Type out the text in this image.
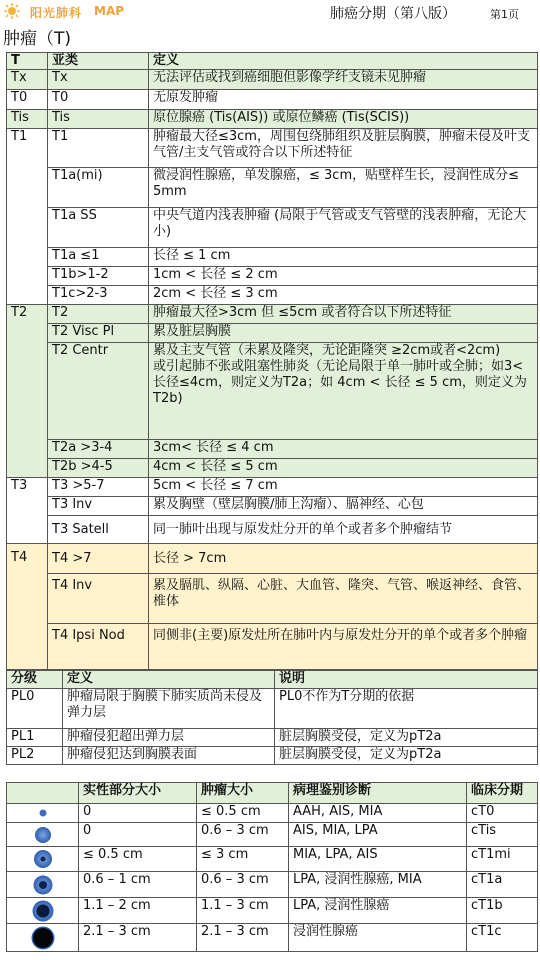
阳光肺科 MAP	肺癌分期（第八版）	第1页
肿瘤（T)
T	亚类	定义
Tx	Tx	无法评估或找到癌细胞但影像学纤支镜未见肿瘤
T0	T0	无原发肿瘤
Tis	Tis	原位腺癌 (Tis(AIS)) 或原位鳞癌 (Tis(SCIS))
T1	T1	肿瘤最大径≤3cm，周围包绕肺组织及脏层胸膜，肿瘤未侵及叶支气管/主支气管或符合以下所述特征
	T1a(mi)	微浸润性腺癌，单发腺癌，≤ 3cm，贴壁样生长，浸润性成分≤ 5mm
	T1a SS	中央气道内浅表肿瘤 (局限于气管或支气管壁的浅表肿瘤，无论大小)
	T1a ≤1	长径 ≤ 1 cm
	T1b>1-2	1cm < 长径 ≤ 2 cm
	T1c>2-3	2cm < 长径 ≤ 3 cm
T2	T2	肿瘤最大径>3cm 但 ≤5cm 或者符合以下所述特征
	T2 Visc Pl	累及脏层胸膜
	T2 Centr	累及主支气管（未累及隆突，无论距隆突 ≥2cm或者<2cm)
或引起肺不张或阻塞性肺炎（无论局限于单一肺叶或全肺；如3<长径≤4cm，则定义为T2a；如 4cm < 长径 ≤ 5 cm，则定义为T2b)

	T2a >3-4	3cm< 长径 ≤ 4 cm
	T2b >4-5	4cm < 长径 ≤ 5 cm
T3	T3 >5-7	5cm < 长径 ≤ 7 cm
	T3 Inv	累及胸壁（壁层胸膜/肺上沟瘤）、膈神经、心包
	T3 Satell	同一肺叶出现与原发灶分开的单个或者多个肿瘤结节
T4	T4 >7	长径 > 7cm
	T4 Inv	累及膈肌、纵隔、心脏、大血管、隆突、气管、喉返神经、食管、椎体
	T4 Ipsi Nod	同侧非(主要)原发灶所在肺叶内与原发灶分开的单个或者多个肿瘤
分级	定义	说明
PL0	肿瘤局限于胸膜下肺实质尚未侵及弹力层	PL0不作为T分期的依据
PL1	肿瘤侵犯超出弹力层	脏层胸膜受侵，定义为pT2a
PL2	肿瘤侵犯达到胸膜表面	脏层胸膜受侵，定义为pT2a
	实性部分大小	肿瘤大小	病理鉴别诊断	临床分期

	0	≤ 0.5 cm	AAH, AIS, MIA	cT0

	0	0.6 – 3 cm	AIS, MIA, LPA	cTis

	≤ 0.5 cm	≤ 3 cm	MIA, LPA, AIS	cT1mi

	0.6 – 1 cm	0.6 – 3 cm	LPA, 浸润性腺癌, MIA	cT1a

	1.1 – 2 cm	1.1 – 3 cm	LPA, 浸润性腺癌	cT1b

	2.1 – 3 cm	2.1 – 3 cm	浸润性腺癌	cT1c
